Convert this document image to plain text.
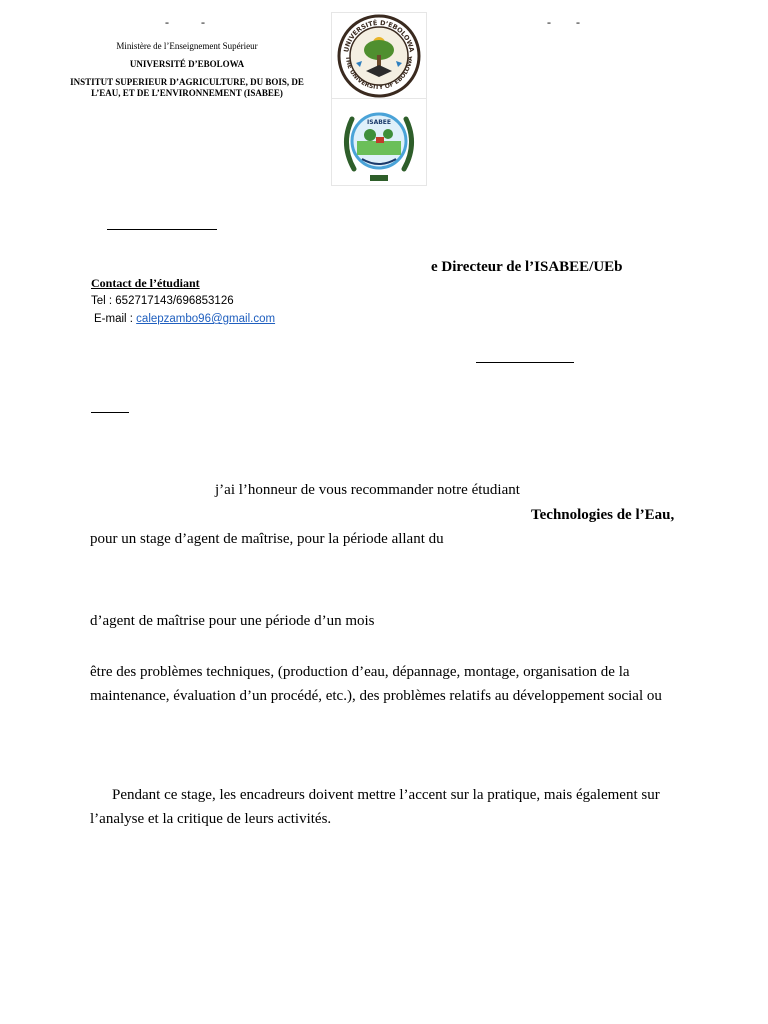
-	-	- -
Ministère de l’Enseignement Supérieur
UNIVERSITÉ D’EBOLOWA
INSTITUT SUPERIEUR D’AGRICULTURE, DU BOIS, DE
L’EAU, ET DE L’ENVIRONNEMENT (ISABEE)
UNIVERSITÉ D’EBOLOWA
THE UNIVERSITY OF EBOLOWA
ISABEE
e Directeur de l’ISABEE/UEb
Contact de l’étudiant
Tel : 652717143/696853126
E-mail : calepzambo96@gmail.com
j’ai l’honneur de vous recommander notre étudiant
Technologies de l’Eau,
pour un stage d’agent de maîtrise, pour la période allant du
d’agent de maîtrise pour une période d’un mois
être des problèmes techniques, (production d’eau, dépannage, montage, organisation de la
maintenance, évaluation d’un procédé, etc.), des problèmes relatifs au développement social ou
Pendant ce stage, les encadreurs doivent mettre l’accent sur la pratique, mais également sur
l’analyse et la critique de leurs activités.
